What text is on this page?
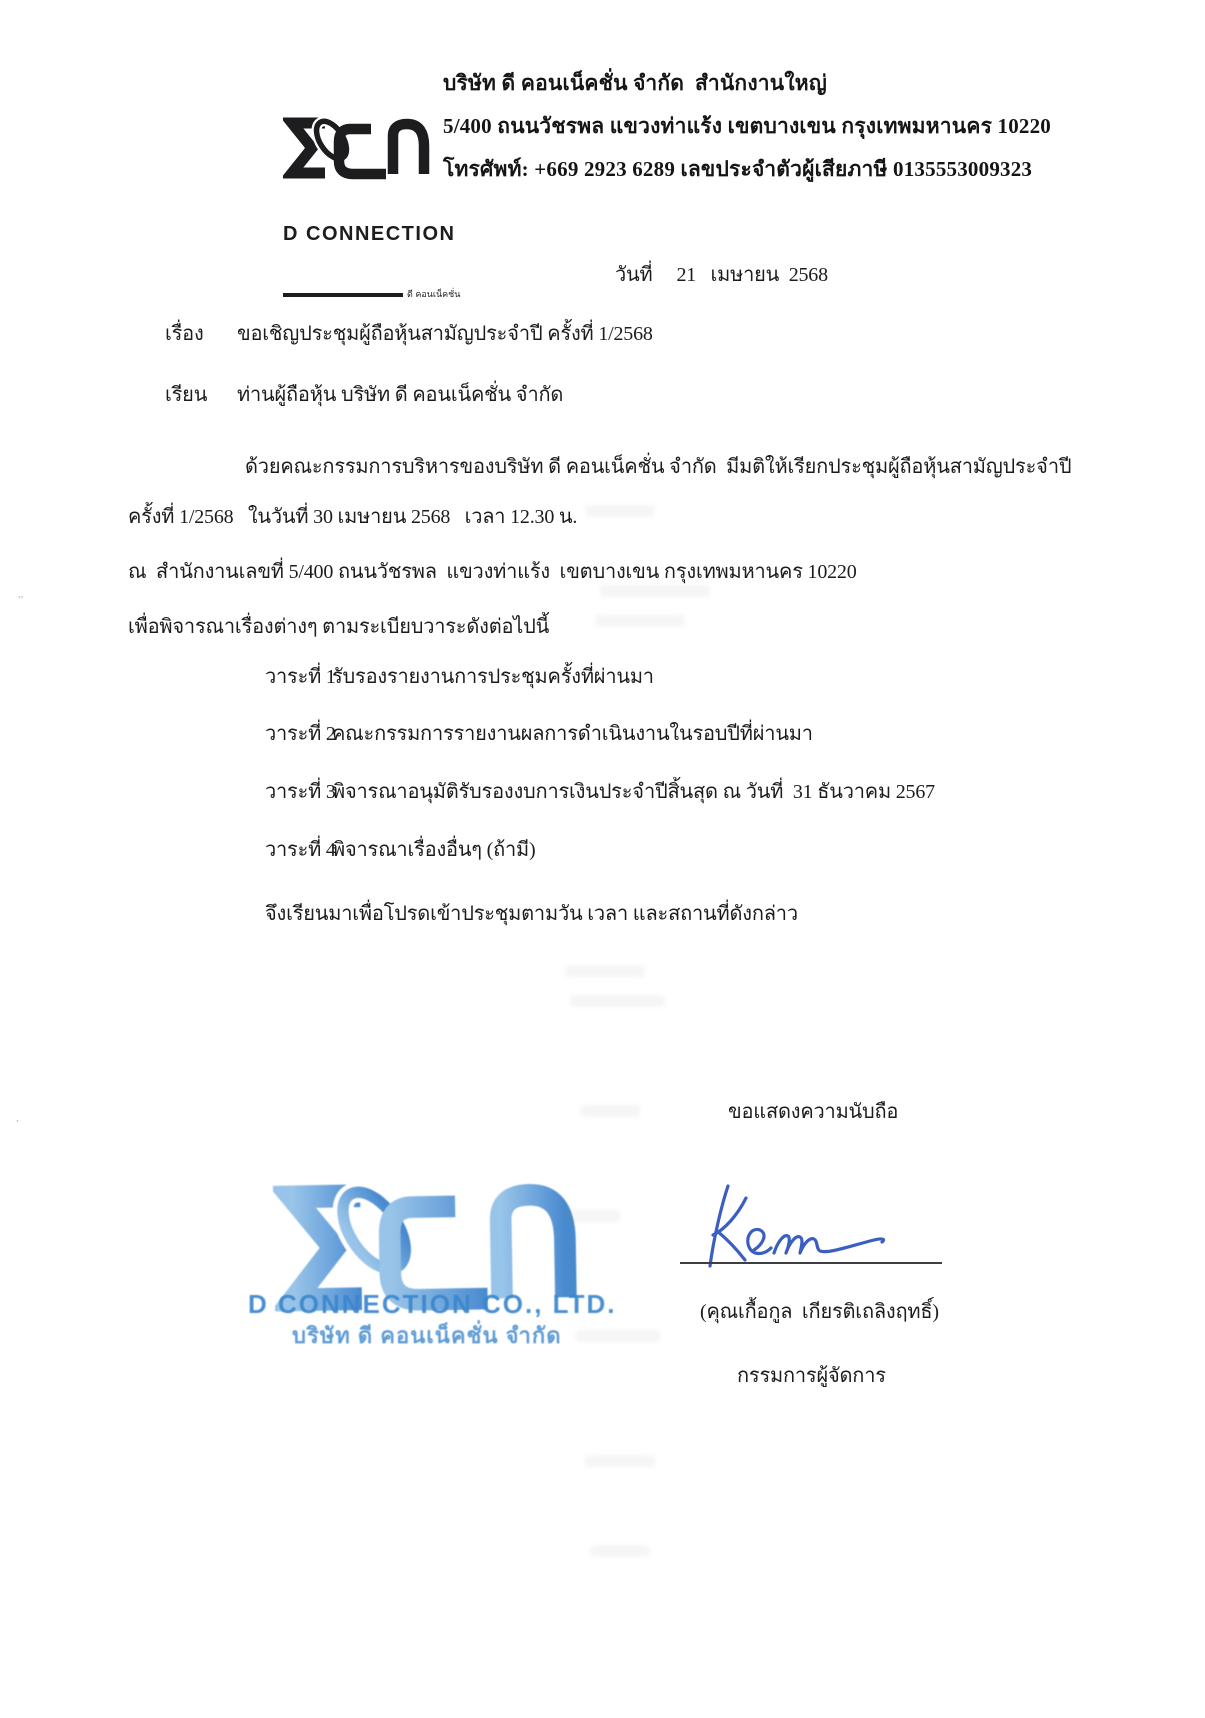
D CONNECTION

ดี คอนเน็คชั่น

บริษัท ดี คอนเน็คชั่น จำกัด  สำนักงานใหญ่
5/400 ถนนวัชรพล แขวงท่าแร้ง เขตบางเขน กรุงเทพมหานคร 10220
โทรศัพท์: +669 2923 6289 เลขประจำตัวผู้เสียภาษี 0135553009323
วันที่     21   เมษายน  2568
เรื่อง ขอเชิญประชุมผู้ถือหุ้นสามัญประจำปี ครั้งที่ 1/2568
เรียน ท่านผู้ถือหุ้น บริษัท ดี คอนเน็คชั่น จำกัด
ด้วยคณะกรรมการบริหารของบริษัท ดี คอนเน็คชั่น จำกัด  มีมติให้เรียกประชุมผู้ถือหุ้นสามัญประจำปี
ครั้งที่ 1/2568   ในวันที่ 30 เมษายน 2568   เวลา 12.30 น.
ณ  สำนักงานเลขที่ 5/400 ถนนวัชรพล  แขวงท่าแร้ง  เขตบางเขน กรุงเทพมหานคร 10220
เพื่อพิจารณาเรื่องต่างๆ ตามระเบียบวาระดังต่อไปนี้
วาระที่ 1
รับรองรายงานการประชุมครั้งที่ผ่านมา
วาระที่ 2
คณะกรรมการรายงานผลการดำเนินงานในรอบปีที่ผ่านมา
วาระที่ 3
พิจารณาอนุมัติรับรองงบการเงินประจำปีสิ้นสุด ณ วันที่  31 ธันวาคม 2567
วาระที่ 4
พิจารณาเรื่องอื่นๆ (ถ้ามี)
จึงเรียนมาเพื่อโปรดเข้าประชุมตามวัน เวลา และสถานที่ดังกล่าว
ขอแสดงความนับถือ

D CONNECTION CO., LTD.
บริษัท ดี คอนเน็คชั่น จำกัด
(คุณเกื้อกูล  เกียรติเถลิงฤทธิ์)
กรรมการผู้จัดการ
,,
,
